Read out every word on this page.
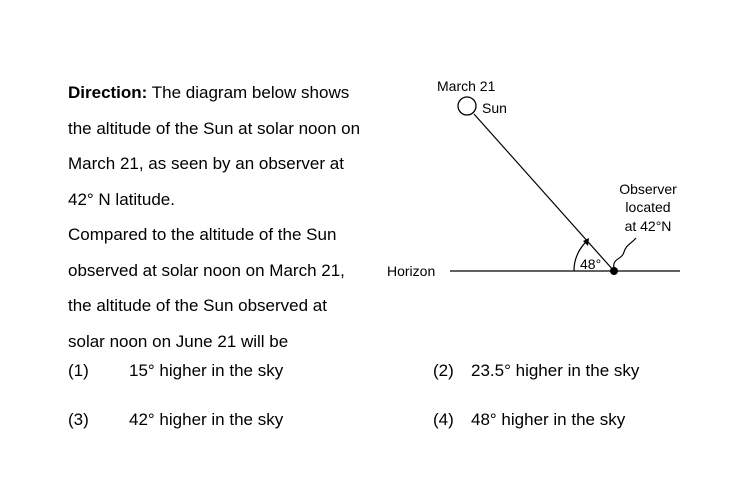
Direction: The diagram below shows
the altitude of the Sun at solar noon on
March 21, as seen by an observer at
42° N latitude.
Compared to the altitude of the Sun
observed at solar noon on March 21,
the altitude of the Sun observed at
solar noon on June 21 will be
Horizon
March 21
Sun
48°
Observer
located
at 42°N
(1) 15° higher in the sky	(2) 23.5° higher in the sky
(3) 42° higher in the sky	(4) 48° higher in the sky
